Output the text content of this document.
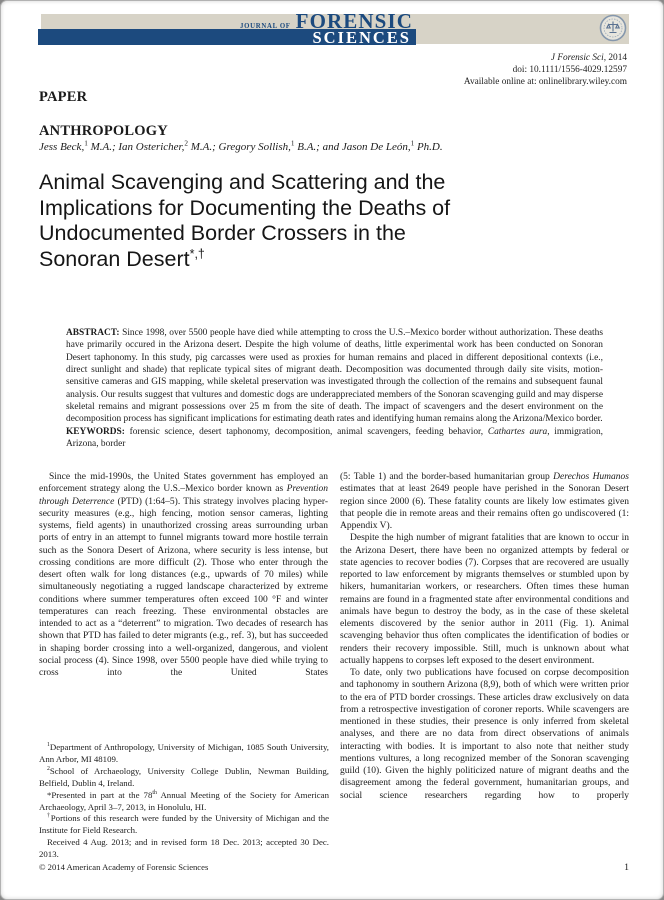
JOURNAL OF FORENSIC
SCIENCES
J Forensic Sci, 2014
doi: 10.1111/1556-4029.12597
Available online at: onlinelibrary.wiley.com
PAPER
ANTHROPOLOGY
Jess Beck,$^1$ M.A.; Ian Ostericher,$^2$ M.A.; Gregory Sollish,$^1$ B.A.; and Jason De León,$^1$ Ph.D.
Animal Scavenging and Scattering and the
Implications for Documenting the Deaths of
Undocumented Border Crossers in the
Sonoran Desert*,†
ABSTRACT: Since 1998, over 5500 people have died while attempting to cross the U.S.–Mexico border without authorization. These deaths have primarily occured in the Arizona desert. Despite the high volume of deaths, little experimental work has been conducted on Sonoran Desert taphonomy. In this study, pig carcasses were used as proxies for human remains and placed in different depositional contexts (i.e., direct sunlight and shade) that replicate typical sites of migrant death. Decomposition was documented through daily site visits, motion-sensitive cameras and GIS mapping, while skeletal preservation was investigated through the collection of the remains and subsequent faunal analysis. Our results suggest that vultures and domestic dogs are underappreciated members of the Sonoran scavenging guild and may disperse skeletal remains and migrant possessions over 25 m from the site of death. The impact of scavengers and the desert environment on the decomposition process has significant implications for estimating death rates and identifying human remains along the Arizona/Mexico border.
KEYWORDS: forensic science, desert taphonomy, decomposition, animal scavengers, feeding behavior, Cathartes aura, immigration, Arizona, border

Since the mid-1990s, the United States government has employed an enforcement strategy along the U.S.–Mexico border known as Prevention through Deterrence (PTD) (1:64–5). This strategy involves placing hyper-security measures (e.g., high fencing, motion sensor cameras, lighting systems, field agents) in unauthorized crossing areas surrounding urban ports of entry in an attempt to funnel migrants toward more hostile terrain such as the Sonora Desert of Arizona, where security is less intense, but crossing conditions are more difficult (2). Those who enter through the desert often walk for long distances (e.g., upwards of 70 miles) while simultaneously negotiating a rugged landscape characterized by extreme conditions where summer temperatures often exceed 100 °F and winter temperatures can reach freezing. These environmental obstacles are intended to act as a “deterrent” to migration. Two decades of research has shown that PTD has failed to deter migrants (e.g., ref. 3), but has succeeded in shaping border crossing into a well-organized, dangerous, and violent social process (4). Since 1998, over 5500 people have died while trying to cross into the United States

(5: Table 1) and the border-based humanitarian group Derechos Humanos estimates that at least 2649 people have perished in the Sonoran Desert region since 2000 (6). These fatality counts are likely low estimates given that people die in remote areas and their remains often go undiscovered (1: Appendix V).

Despite the high number of migrant fatalities that are known to occur in the Arizona Desert, there have been no organized attempts by federal or state agencies to recover bodies (7). Corpses that are recovered are usually reported to law enforcement by migrants themselves or stumbled upon by hikers, humanitarian workers, or researchers. Often times these human remains are found in a fragmented state after environmental conditions and animals have begun to destroy the body, as in the case of these skeletal elements discovered by the senior author in 2011 (Fig. 1). Animal scavenging behavior thus often complicates the identification of bodies or renders their recovery impossible. Still, much is unknown about what actually happens to corpses left exposed to the desert environment.

To date, only two publications have focused on corpse decomposition and taphonomy in southern Arizona (8,9), both of which were written prior to the era of PTD border crossings. These articles draw exclusively on data from a retrospective investigation of coroner reports. While scavengers are mentioned in these studies, their presence is only inferred from skeletal analyses, and there are no data from direct observations of animals interacting with bodies. It is important to also note that neither study mentions vultures, a long recognized member of the Sonoran scavenging guild (10). Given the highly politicized nature of migrant deaths and the disagreement among the federal government, humanitarian groups, and social science researchers regarding how to properly

$^1$Department of Anthropology, University of Michigan, 1085 South University, Ann Arbor, MI 48109.

$^2$School of Archaeology, University College Dublin, Newman Building, Belfield, Dublin 4, Ireland.

*Presented in part at the 78th Annual Meeting of the Society for American Archaeology, April 3–7, 2013, in Honolulu, HI.

†Portions of this research were funded by the University of Michigan and the Institute for Field Research.

Received 4 Aug. 2013; and in revised form 18 Dec. 2013; accepted 30 Dec. 2013.

© 2014 American Academy of Forensic Sciences	1
